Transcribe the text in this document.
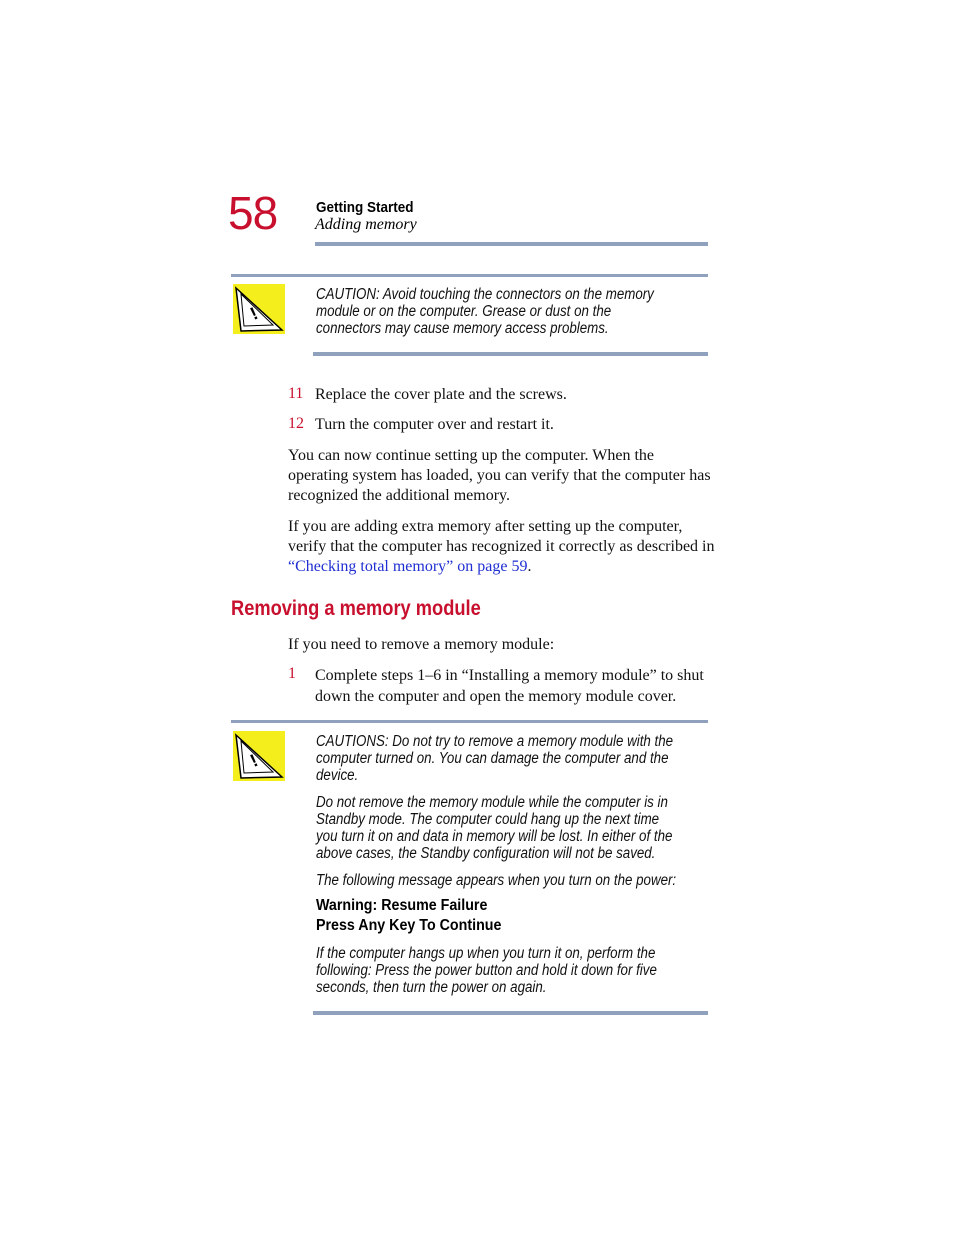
58	Getting Started
Adding memory
!
CAUTION: Avoid touching the connectors on the memory
module or on the computer. Grease or dust on the
connectors may cause memory access problems.
11 Replace the cover plate and the screws.
12 Turn the computer over and restart it.
You can now continue setting up the computer. When the
operating system has loaded, you can verify that the computer has
recognized the additional memory.
If you are adding extra memory after setting up the computer,
verify that the computer has recognized it correctly as described in
“Checking total memory” on page 59.
Removing a memory module
If you need to remove a memory module:
1 Complete steps 1–6 in “Installing a memory module” to shut
down the computer and open the memory module cover.
!
CAUTIONS: Do not try to remove a memory module with the
computer turned on. You can damage the computer and the
device.
Do not remove the memory module while the computer is in
Standby mode. The computer could hang up the next time
you turn it on and data in memory will be lost. In either of the
above cases, the Standby configuration will not be saved.
The following message appears when you turn on the power:
Warning: Resume Failure
Press Any Key To Continue
If the computer hangs up when you turn it on, perform the
following: Press the power button and hold it down for five
seconds, then turn the power on again.
